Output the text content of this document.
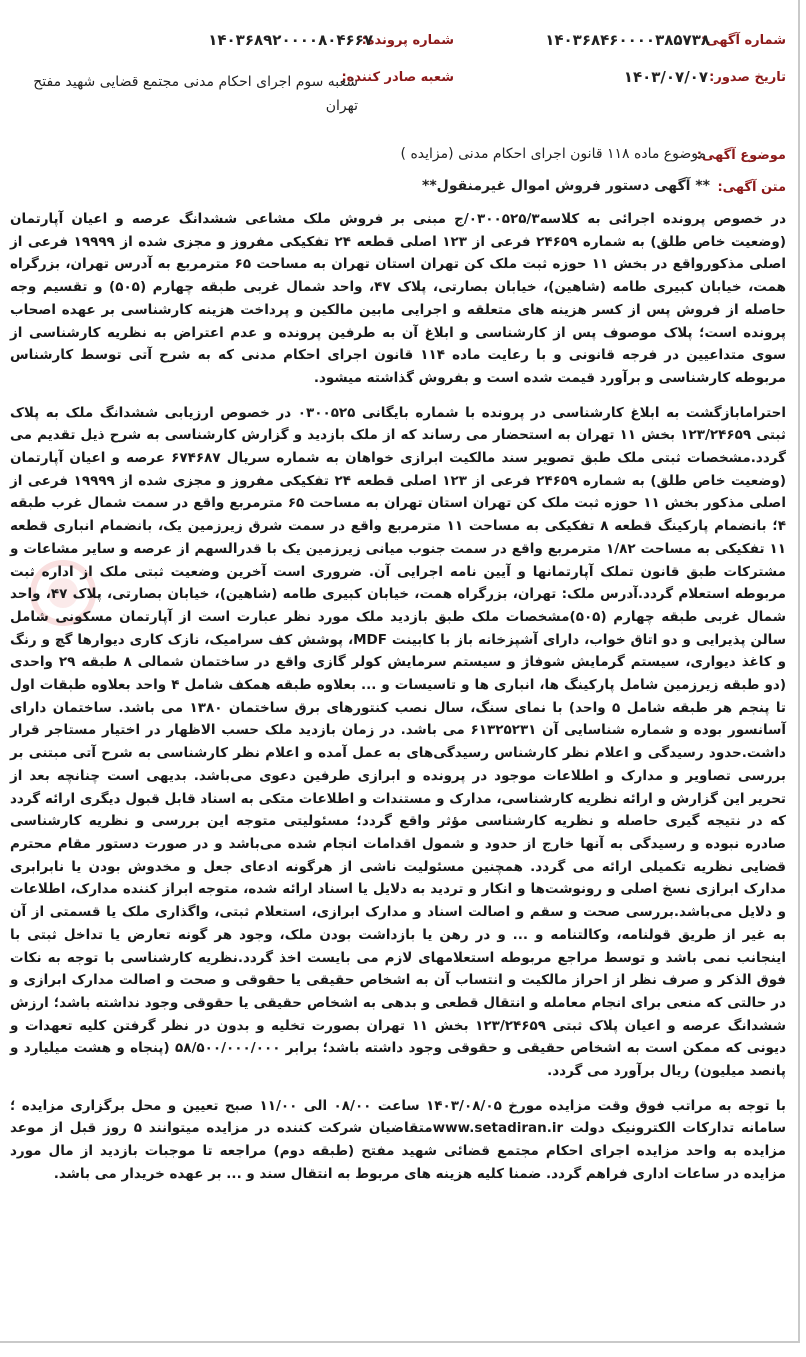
شماره آگهی:
۱۴۰۳۶۸۴۶۰۰۰۰۳۸۵۷۳۸
شماره پرونده:
۱۴۰۳۶۸۹۲۰۰۰۰۸۰۴۶۶۷
تاریخ صدور:
۱۴۰۳/۰۷/۰۷
شعبه صادر کننده:
شعبه سوم اجرای احکام مدنی مجتمع قضایی شهید مفتح تهران
موضوع آگهی:
موضوع ماده ۱۱۸ قانون اجرای احکام مدنی (مزایده )
متن آگهی:
** آگهی دستور فروش اموال غیرمنقول**

در خصوص پرونده اجرائی به کلاسه۰۳۰۰۵۲۵/۳/ج مبنی بر فروش ملک مشاعی ششدانگ عرصه و اعیان آپارتمان (وضعیت خاص طلق) به شماره ۲۴۶۵۹ فرعی از ۱۲۳ اصلی قطعه ۲۴ تفکیکی مفروز و مجزی شده از ۱۹۹۹۹ فرعی از اصلی مذکورواقع در بخش ۱۱ حوزه ثبت ملک کن تهران استان تهران به مساحت ۶۵ مترمربع به آدرس تهران، بزرگراه همت، خیابان کبیری طامه (شاهین)، خیابان بصارتی، پلاک ۴۷، واحد شمال غربی طبقه چهارم (۵۰۵) و تقسیم وجه حاصله از فروش پس از کسر هزینه های متعلقه و اجرایی مابین مالکین و پرداخت هزینه کارشناسی بر عهده اصحاب پرونده است؛ پلاک موصوف پس از کارشناسی و ابلاغ آن به طرفین پرونده و عدم اعتراض به نظریه کارشناسی از سوی متداعیین در فرجه قانونی و با رعایت ماده ۱۱۴ قانون اجرای احکام مدنی که به شرح آتی توسط کارشناس مربوطه کارشناسی و برآورد قیمت شده است و بفروش گذاشته میشود.

احترامابازگشت به ابلاغ کارشناسی در پرونده با شماره بایگانی ۰۳۰۰۵۲۵ در خصوص ارزیابی ششدانگ ملک به پلاک ثبتی ۱۲۳/۲۴۶۵۹ بخش ۱۱ تهران به استحضار می رساند که از ملک بازدید و گزارش کارشناسی به شرح ذیل تقدیم می گردد.مشخصات ثبتی ملک طبق تصویر سند مالکیت ابرازی خواهان به شماره سریال ۶۷۴۶۸۷ عرصه و اعیان آپارتمان (وضعیت خاص طلق) به شماره ۲۴۶۵۹ فرعی از ۱۲۳ اصلی قطعه ۲۴ تفکیکی مفروز و مجزی شده از ۱۹۹۹۹ فرعی از اصلی مذکور بخش ۱۱ حوزه ثبت ملک کن تهران استان تهران به مساحت ۶۵ مترمربع واقع در سمت شمال غرب طبقه ۴؛ بانضمام پارکینگ قطعه ۸ تفکیکی به مساحت ۱۱ مترمربع واقع در سمت شرق زیرزمین یک، بانضمام انباری قطعه ۱۱ تفکیکی به مساحت ۱/۸۲ مترمربع واقع در سمت جنوب میانی زیرزمین یک با قدرالسهم از عرصه و سایر مشاعات و مشترکات طبق قانون تملک آپارتمانها و آیین نامه اجرایی آن. ضروری است آخرین وضعیت ثبتی ملک از اداره ثبت مربوطه استعلام گردد.آدرس ملک: تهران، بزرگراه همت، خیابان کبیری طامه (شاهین)، خیابان بصارتی، پلاک ۴۷، واحد شمال غربی طبقه چهارم (۵۰۵)مشخصات ملک طبق بازدید ملک مورد نظر عبارت است از آپارتمان مسکونی شامل سالن پذیرایی و دو اتاق خواب، دارای آشپزخانه باز با کابینت MDF، پوشش کف سرامیک، نازک کاری دیوارها گچ و رنگ و کاغذ دیواری، سیستم گرمایش شوفاژ و سیستم سرمایش کولر گازی واقع در ساختمان شمالی ۸ طبقه ۲۹ واحدی (دو طبقه زیرزمین شامل پارکینگ ها، انباری ها و تاسیسات و ... بعلاوه طبقه همکف شامل ۴ واحد بعلاوه طبقات اول تا پنجم هر طبقه شامل ۵ واحد) با نمای سنگ، سال نصب کنتورهای برق ساختمان ۱۳۸۰ می باشد. ساختمان دارای آسانسور بوده و شماره شناسایی آن ۶۱۳۲۵۲۳۱ می باشد. در زمان بازدید ملک حسب الاظهار در اختیار مستاجر قرار داشت.حدود رسیدگی و اعلام نظر کارشناس رسیدگی‌های به عمل آمده و اعلام نظر کارشناسی به شرح آتی مبتنی بر بررسی تصاویر و مدارک و اطلاعات موجود در پرونده و ابرازی طرفین دعوی می‌باشد. بدیهی است چنانچه بعد از تحریر این گزارش و ارائه نظریه کارشناسی، مدارک و مستندات و اطلاعات متکی به اسناد قابل قبول دیگری ارائه گردد که در نتیجه گیری حاصله و نظریه کارشناسی مؤثر واقع گردد؛ مسئولیتی متوجه این بررسی و نظریه کارشناسی صادره نبوده و رسیدگی به آنها خارج از حدود و شمول اقدامات انجام شده می‌باشد و در صورت دستور مقام محترم قضایی نظریه تکمیلی ارائه می گردد. همچنین مسئولیت ناشی از هرگونه ادعای جعل و مخدوش بودن یا نابرابری مدارک ابرازی نسخ اصلی و رونوشت‌ها و انکار و تردید به دلایل یا اسناد ارائه شده، متوجه ابراز کننده مدارک، اطلاعات و دلایل می‌باشد.بررسی صحت و سقم و اصالت اسناد و مدارک ابرازی، استعلام ثبتی، واگذاری ملک یا قسمتی از آن به غیر از طریق قولنامه، وکالتنامه و ... و در رهن یا بازداشت بودن ملک، وجود هر گونه تعارض یا تداخل ثبتی با اینجانب نمی باشد و توسط مراجع مربوطه استعلامهای لازم می بایست اخذ گردد.نظریه کارشناسی با توجه به نکات فوق الذکر و صرف نظر از احراز مالکیت و انتساب آن به اشخاص حقیقی یا حقوقی و صحت و اصالت مدارک ابرازی و در حالتی که منعی برای انجام معامله و انتقال قطعی و بدهی به اشخاص حقیقی یا حقوقی وجود نداشته باشد؛ ارزش ششدانگ عرصه و اعیان پلاک ثبتی ۱۲۳/۲۴۶۵۹ بخش ۱۱ تهران بصورت تخلیه و بدون در نظر گرفتن کلیه تعهدات و دیونی که ممکن است به اشخاص حقیقی و حقوقی وجود داشته باشد؛ برابر ۵۸/۵۰۰/۰۰۰/۰۰۰ (پنجاه و هشت میلیارد و پانصد میلیون) ریال برآورد می گردد.

با توجه به مراتب فوق وقت مزایده مورخ ۱۴۰۳/۰۸/۰۵ ساعت ۰۸/۰۰ الی ۱۱/۰۰ صبح تعیین و محل برگزاری مزایده ؛سامانه تدارکات الکترونیک دولت www.setadiran.irمتقاضیان شرکت کننده در مزایده میتوانند ۵ روز قبل از موعد مزایده به واحد مزایده اجرای احکام مجتمع قضائی شهید مفتح (طبقه دوم) مراجعه تا موجبات بازدید از مال مورد مزایده در ساعات اداری فراهم گردد. ضمنا کلیه هزینه های مربوط به انتقال سند و ... بر عهده خریدار می باشد.
